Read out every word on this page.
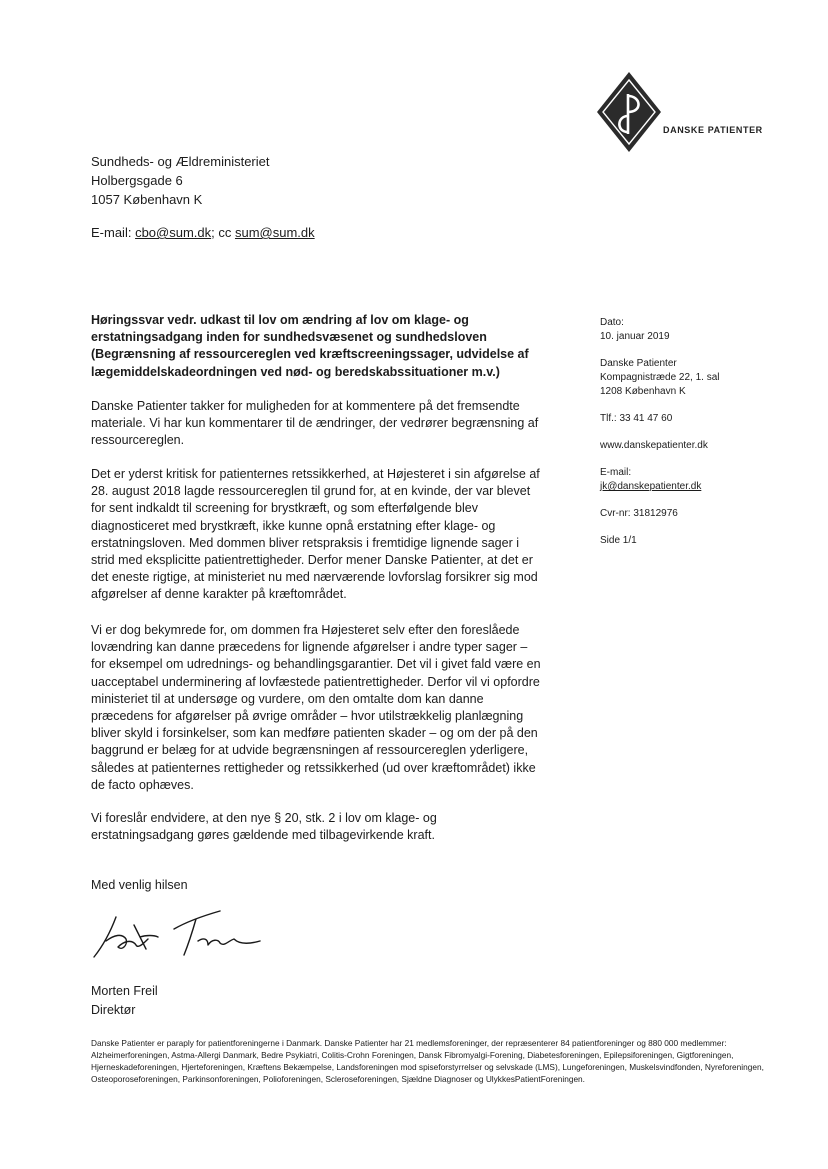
DANSKE PATIENTER
Sundheds- og Ældreministeriet
Holbergsgade 6
1057 København K
E-mail: cbo@sum.dk; cc sum@sum.dk
Høringssvar vedr. udkast til lov om ændring af lov om klage- og erstatningsadgang inden for sundhedsvæsenet og sundhedsloven (Begrænsning af ressourcereglen ved kræftscreeningssager, udvidelse af lægemiddelskadeordningen ved nød- og beredskabssituationer m.v.)

Danske Patienter takker for muligheden for at kommentere på det fremsendte materiale. Vi har kun kommentarer til de ændringer, der vedrører begrænsning af ressourcereglen.

Det er yderst kritisk for patienternes retssikkerhed, at Højesteret i sin afgørelse af 28. august 2018 lagde ressourcereglen til grund for, at en kvinde, der var blevet for sent indkaldt til screening for brystkræft, og som efterfølgende blev diagnosticeret med brystkræft, ikke kunne opnå erstatning efter klage- og erstatningsloven. Med dommen bliver retspraksis i fremtidige lignende sager i strid med eksplicitte patientrettigheder. Derfor mener Danske Patienter, at det er det eneste rigtige, at ministeriet nu med nærværende lovforslag forsikrer sig mod afgørelser af denne karakter på kræftområdet.

Vi er dog bekymrede for, om dommen fra Højesteret selv efter den foreslåede lovændring kan danne præcedens for lignende afgørelser i andre typer sager – for eksempel om udrednings- og behandlingsgarantier. Det vil i givet fald være en uacceptabel underminering af lovfæstede patientrettigheder. Derfor vil vi opfordre ministeriet til at undersøge og vurdere, om den omtalte dom kan danne præcedens for afgørelser på øvrige områder – hvor utilstrækkelig planlægning bliver skyld i forsinkelser, som kan medføre patienten skader – og om der på den baggrund er belæg for at udvide begrænsningen af ressourcereglen yderligere, således at patienternes rettigheder og retssikkerhed (ud over kræftområdet) ikke de facto ophæves.

Vi foreslår endvidere, at den nye § 20, stk. 2 i lov om klage- og erstatningsadgang gøres gældende med tilbagevirkende kraft.

Dato:
10. januar 2019
Danske Patienter
Kompagnistræde 22, 1. sal
1208 København K
Tlf.: 33 41 47 60
www.danskepatienter.dk
E-mail:
jk@danskepatienter.dk
Cvr-nr: 31812976
Side 1/1
Med venlig hilsen
Morten Freil
Direktør
Danske Patienter er paraply for patientforeningerne i Danmark. Danske Patienter har 21 medlemsforeninger, der repræsenterer 84 patientforeninger og 880 000 medlemmer: Alzheimerforeningen, Astma-Allergi Danmark, Bedre Psykiatri, Colitis-Crohn Foreningen, Dansk Fibromyalgi-Forening, Diabetesforeningen, Epilepsiforeningen, Gigtforeningen, Hjerneskadeforeningen, Hjerteforeningen, Kræftens Bekæmpelse, Landsforeningen mod spiseforstyrrelser og selvskade (LMS), Lungeforeningen, Muskelsvindfonden, Nyreforeningen, Osteoporoseforeningen, Parkinsonforeningen, Polioforeningen, Scleroseforeningen, Sjældne Diagnoser og UlykkesPatientForeningen.
